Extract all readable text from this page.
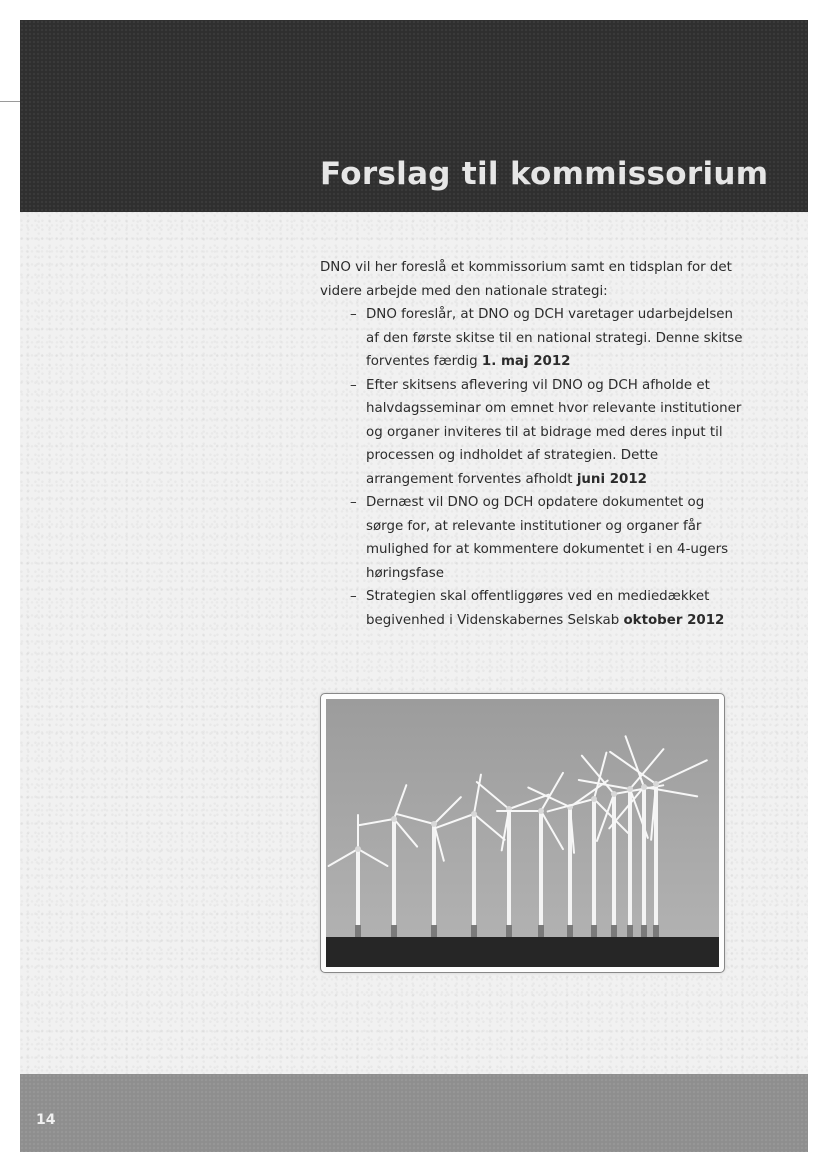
Forslag til kommissorium

DNO vil her foreslå et kommissorium samt en tidsplan for det videre arbejde med den nationale strategi:

– DNO foreslår, at DNO og DCH varetager udarbejdelsen af den første skitse til en national strategi. Denne skitse forventes færdig 1. maj 2012
– Efter skitsens aflevering vil DNO og DCH afholde et halvdagsseminar om emnet hvor relevante institutioner og organer inviteres til at bidrage med deres input til processen og indholdet af strategien. Dette arrangement forventes afholdt juni 2012
– Dernæst vil DNO og DCH opdatere dokumentet og sørge for, at relevante institutioner og organer får mulighed for at kommentere dokumentet i en 4-ugers høringsfase
– Strategien skal offentliggøres ved en mediedækket begivenhed i Videnskabernes Selskab oktober 2012
14
